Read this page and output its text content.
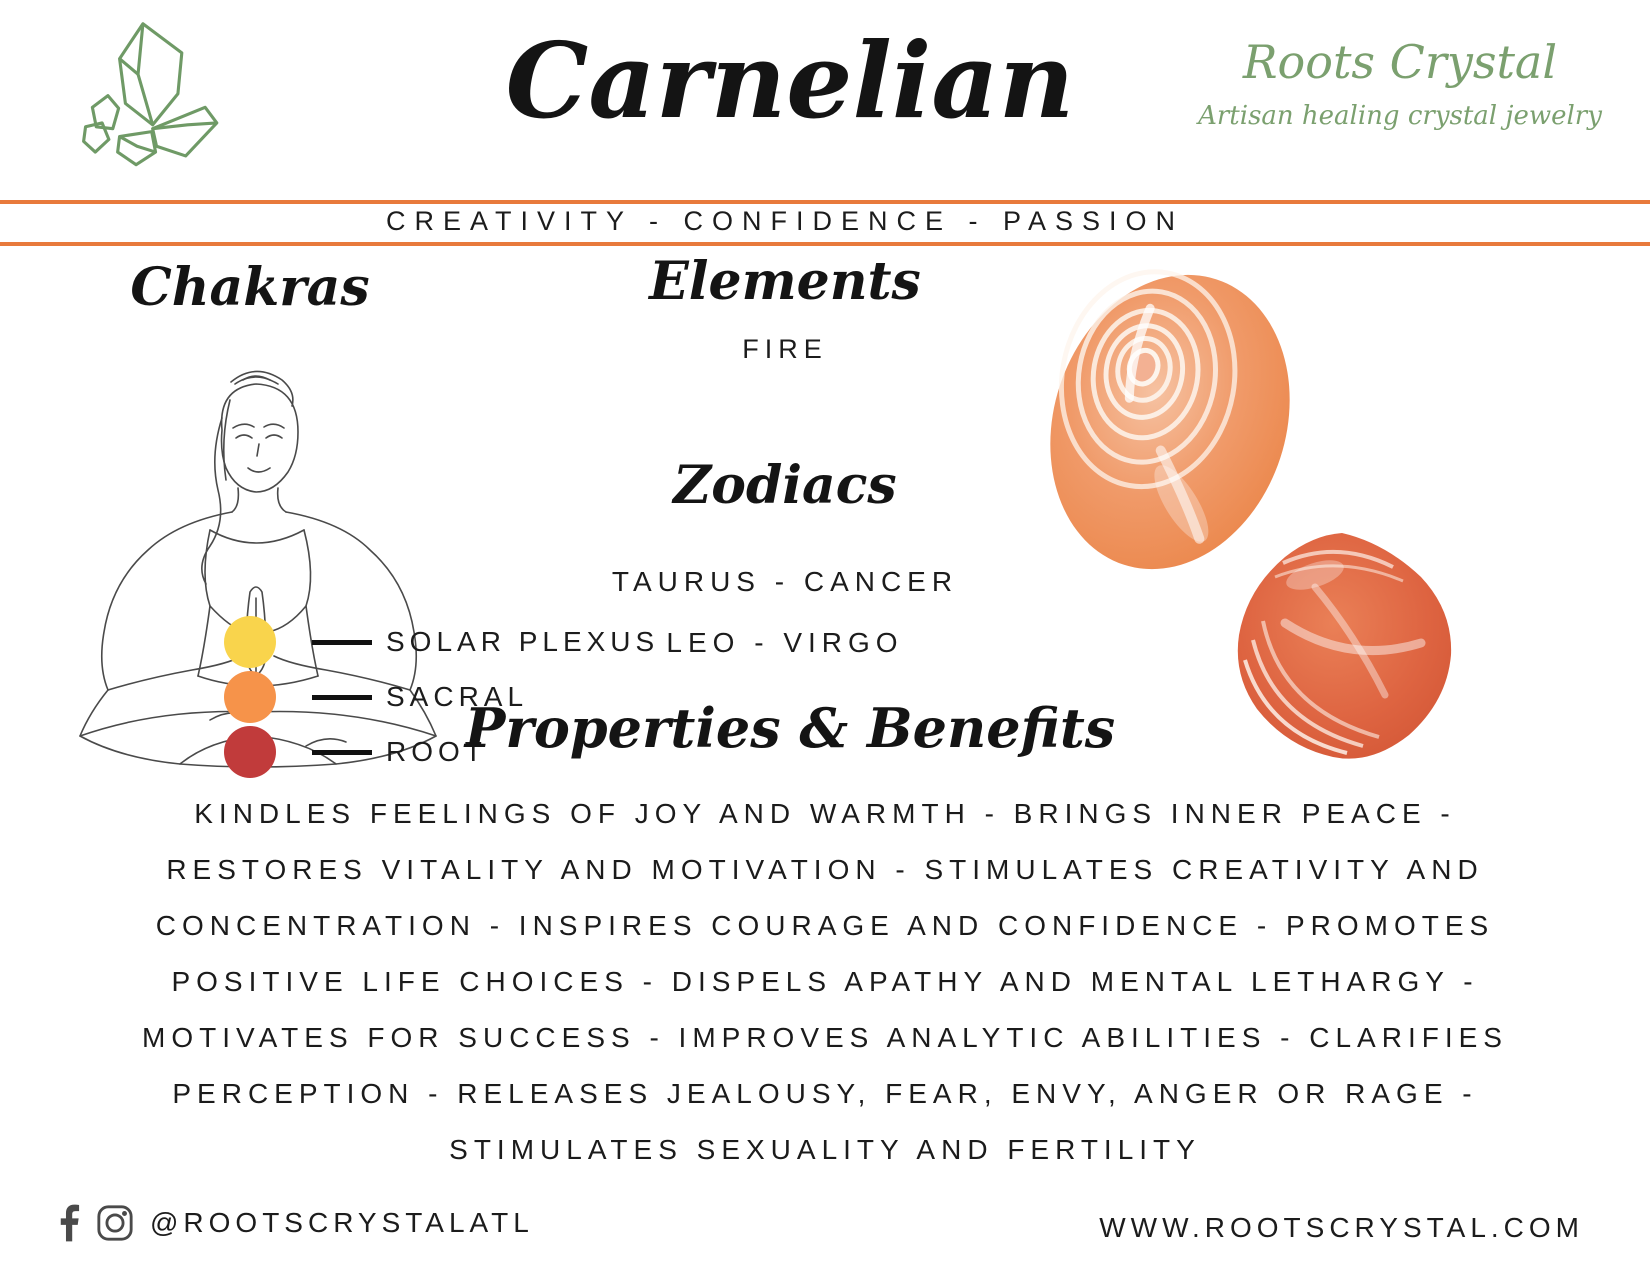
Carnelian	Roots Crystal
Artisan healing crystal jewelry
CREATIVITY - CONFIDENCE - PASSION
Chakras	Elements
FIRE
Zodiacs
TAURUS - CANCER
LEO - VIRGO
SOLAR PLEXUS
SACRAL
ROOT
Properties & Benefits
KINDLES FEELINGS OF JOY AND WARMTH - BRINGS INNER PEACE -
RESTORES VITALITY AND MOTIVATION - STIMULATES CREATIVITY AND
CONCENTRATION - INSPIRES COURAGE AND CONFIDENCE - PROMOTES
POSITIVE LIFE CHOICES - DISPELS APATHY AND MENTAL LETHARGY -
MOTIVATES FOR SUCCESS - IMPROVES ANALYTIC ABILITIES - CLARIFIES
PERCEPTION - RELEASES JEALOUSY, FEAR, ENVY, ANGER OR RAGE -
STIMULATES SEXUALITY AND FERTILITY
@ROOTSCRYSTALATL	WWW.ROOTSCRYSTAL.COM
